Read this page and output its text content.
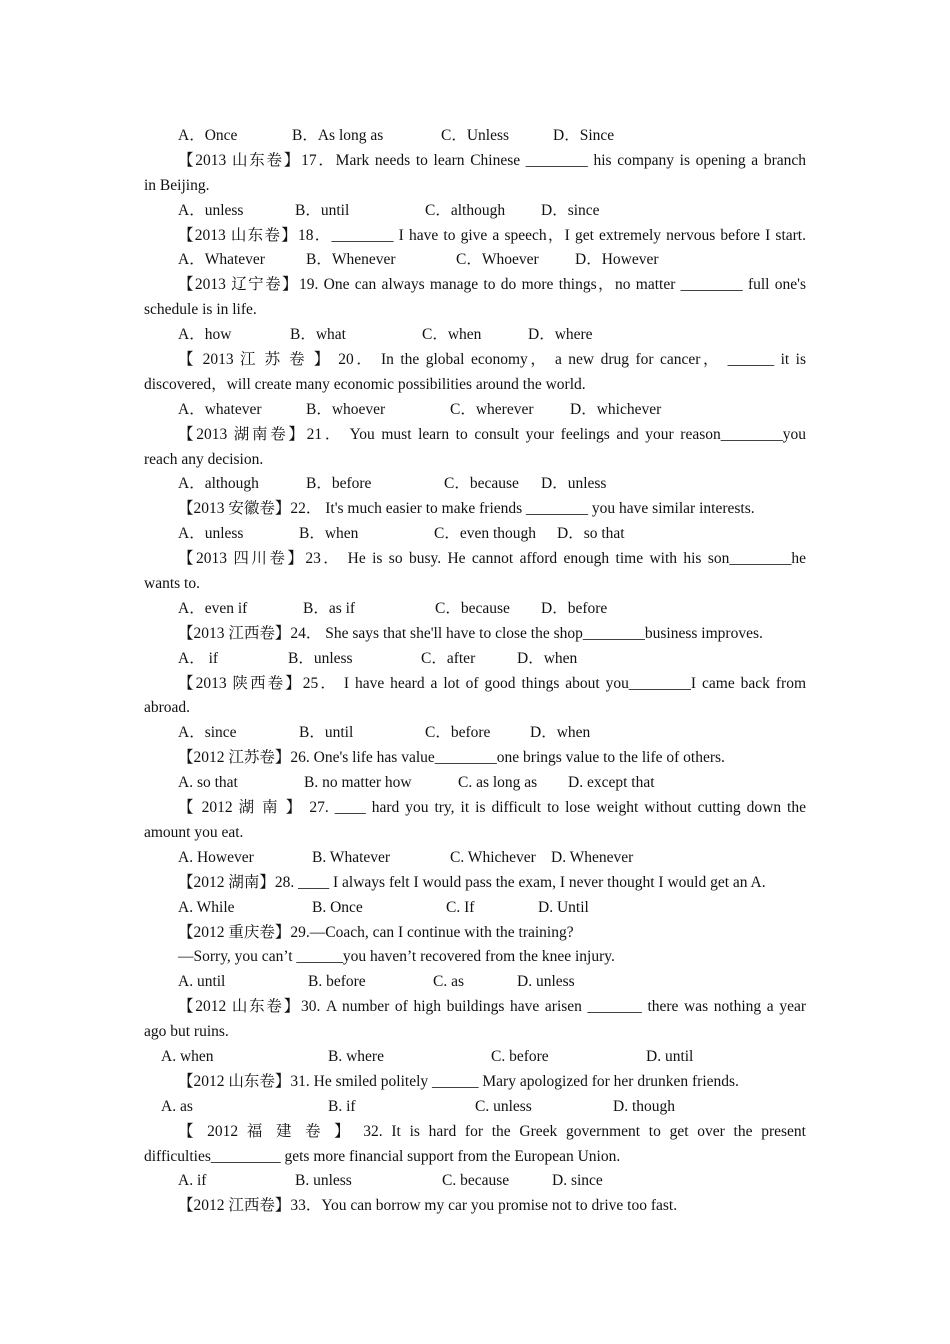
A．Once	B．As long as	C．Unless	D．Since
【2013 山东卷】17．Mark needs to learn Chinese ________ his company is opening a branch
in Beijing.
A．unless	B．until	C．although	D．since
【2013 山东卷】18．________ I have to give a speech，I get extremely nervous before I start.
A．Whatever	B．Whenever	C．Whoever	D．However
【2013 辽宁卷】19. One can always manage to do more things，no matter ________ full one's
schedule is in life.
A．how	B．what	C．when	D．where
【 2013 江 苏 卷 】 20． In the global economy， a new drug for cancer， ______ it is
discovered，will create many economic possibilities around the world.
A．whatever	B．whoever	C．wherever	D．whichever
【2013 湖南卷】21． You must learn to consult your feelings and your reason________you
reach any decision.
A．although	B．before	C．because	D．unless
【2013 安徽卷】22． It's much easier to make friends ________ you have similar interests.
A．unless	B．when	C．even though	D．so that
【2013 四川卷】23． He is so busy. He cannot afford enough time with his son________he
wants to.
A．even if	B．as if	C．because	D．before
【2013 江西卷】24． She says that she'll have to close the shop________business improves.
A． if	B．unless	C．after	D．when
【2013 陕西卷】25． I have heard a lot of good things about you________I came back from
abroad.
A．since	B．until	C．before	D．when
【2012 江苏卷】26. One's life has value________one brings value to the life of others.
A. so that	B. no matter how	C. as long as	D. except that
【 2012 湖 南 】 27. ____ hard you try, it is difficult to lose weight without cutting down the
amount you eat.
A. However	B. Whatever	C. Whichever D. Whenever
【2012 湖南】28. ____ I always felt I would pass the exam, I never thought I would get an A.
A. While	B. Once	C. If	D. Until
【2012 重庆卷】29.—Coach, can I continue with the training?
—Sorry, you can’t ______you haven’t recovered from the knee injury.
A. until	B. before	C. as	D. unless
【2012 山东卷】30. A number of high buildings have arisen _______ there was nothing a year
ago but ruins.
A. when	B. where	C. before	D. until
【2012 山东卷】31. He smiled politely ______ Mary apologized for her drunken friends.
A. as	B. if	C. unless	D. though
【 2012 福 建 卷 】 32. It is hard for the Greek government to get over the present
difficulties_________ gets more financial support from the European Union.
A. if	B. unless	C. because	D. since
【2012 江西卷】33．You can borrow my car you promise not to drive too fast.
